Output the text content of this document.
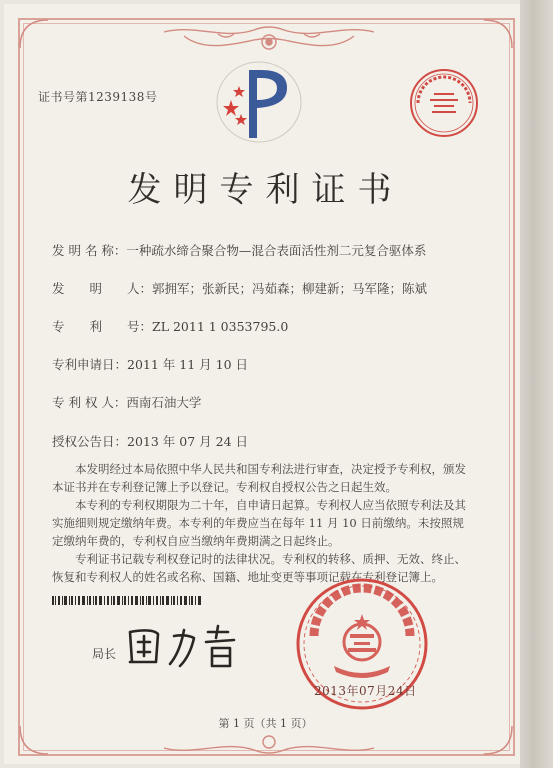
证书号第1239138号
发明专利证书
发 明 名 称：一种疏水缔合聚合物—混合表面活性剂二元复合驱体系
发　　明　　人：郭拥军；张新民；冯茹森；柳建新；马军隆；陈斌
专　　利　　号：ZL 2011 1 0353795.0
专利申请日：2011 年 11 月 10 日
专 利 权 人：西南石油大学
授权公告日：2013 年 07 月 24 日

本发明经过本局依照中华人民共和国专利法进行审查，决定授予专利权，颁发本证书并在专利登记簿上予以登记。专利权自授权公告之日起生效。

本专利的专利权期限为二十年，自申请日起算。专利权人应当依照专利法及其实施细则规定缴纳年费。本专利的年费应当在每年 11 月 10 日前缴纳。未按照规定缴纳年费的，专利权自应当缴纳年费期满之日起终止。

专利证书记载专利权登记时的法律状况。专利权的转移、质押、无效、终止、恢复和专利权人的姓名或名称、国籍、地址变更等事项记载在专利登记簿上。

局长
2013年07月24日
第 1 页（共 1 页）
